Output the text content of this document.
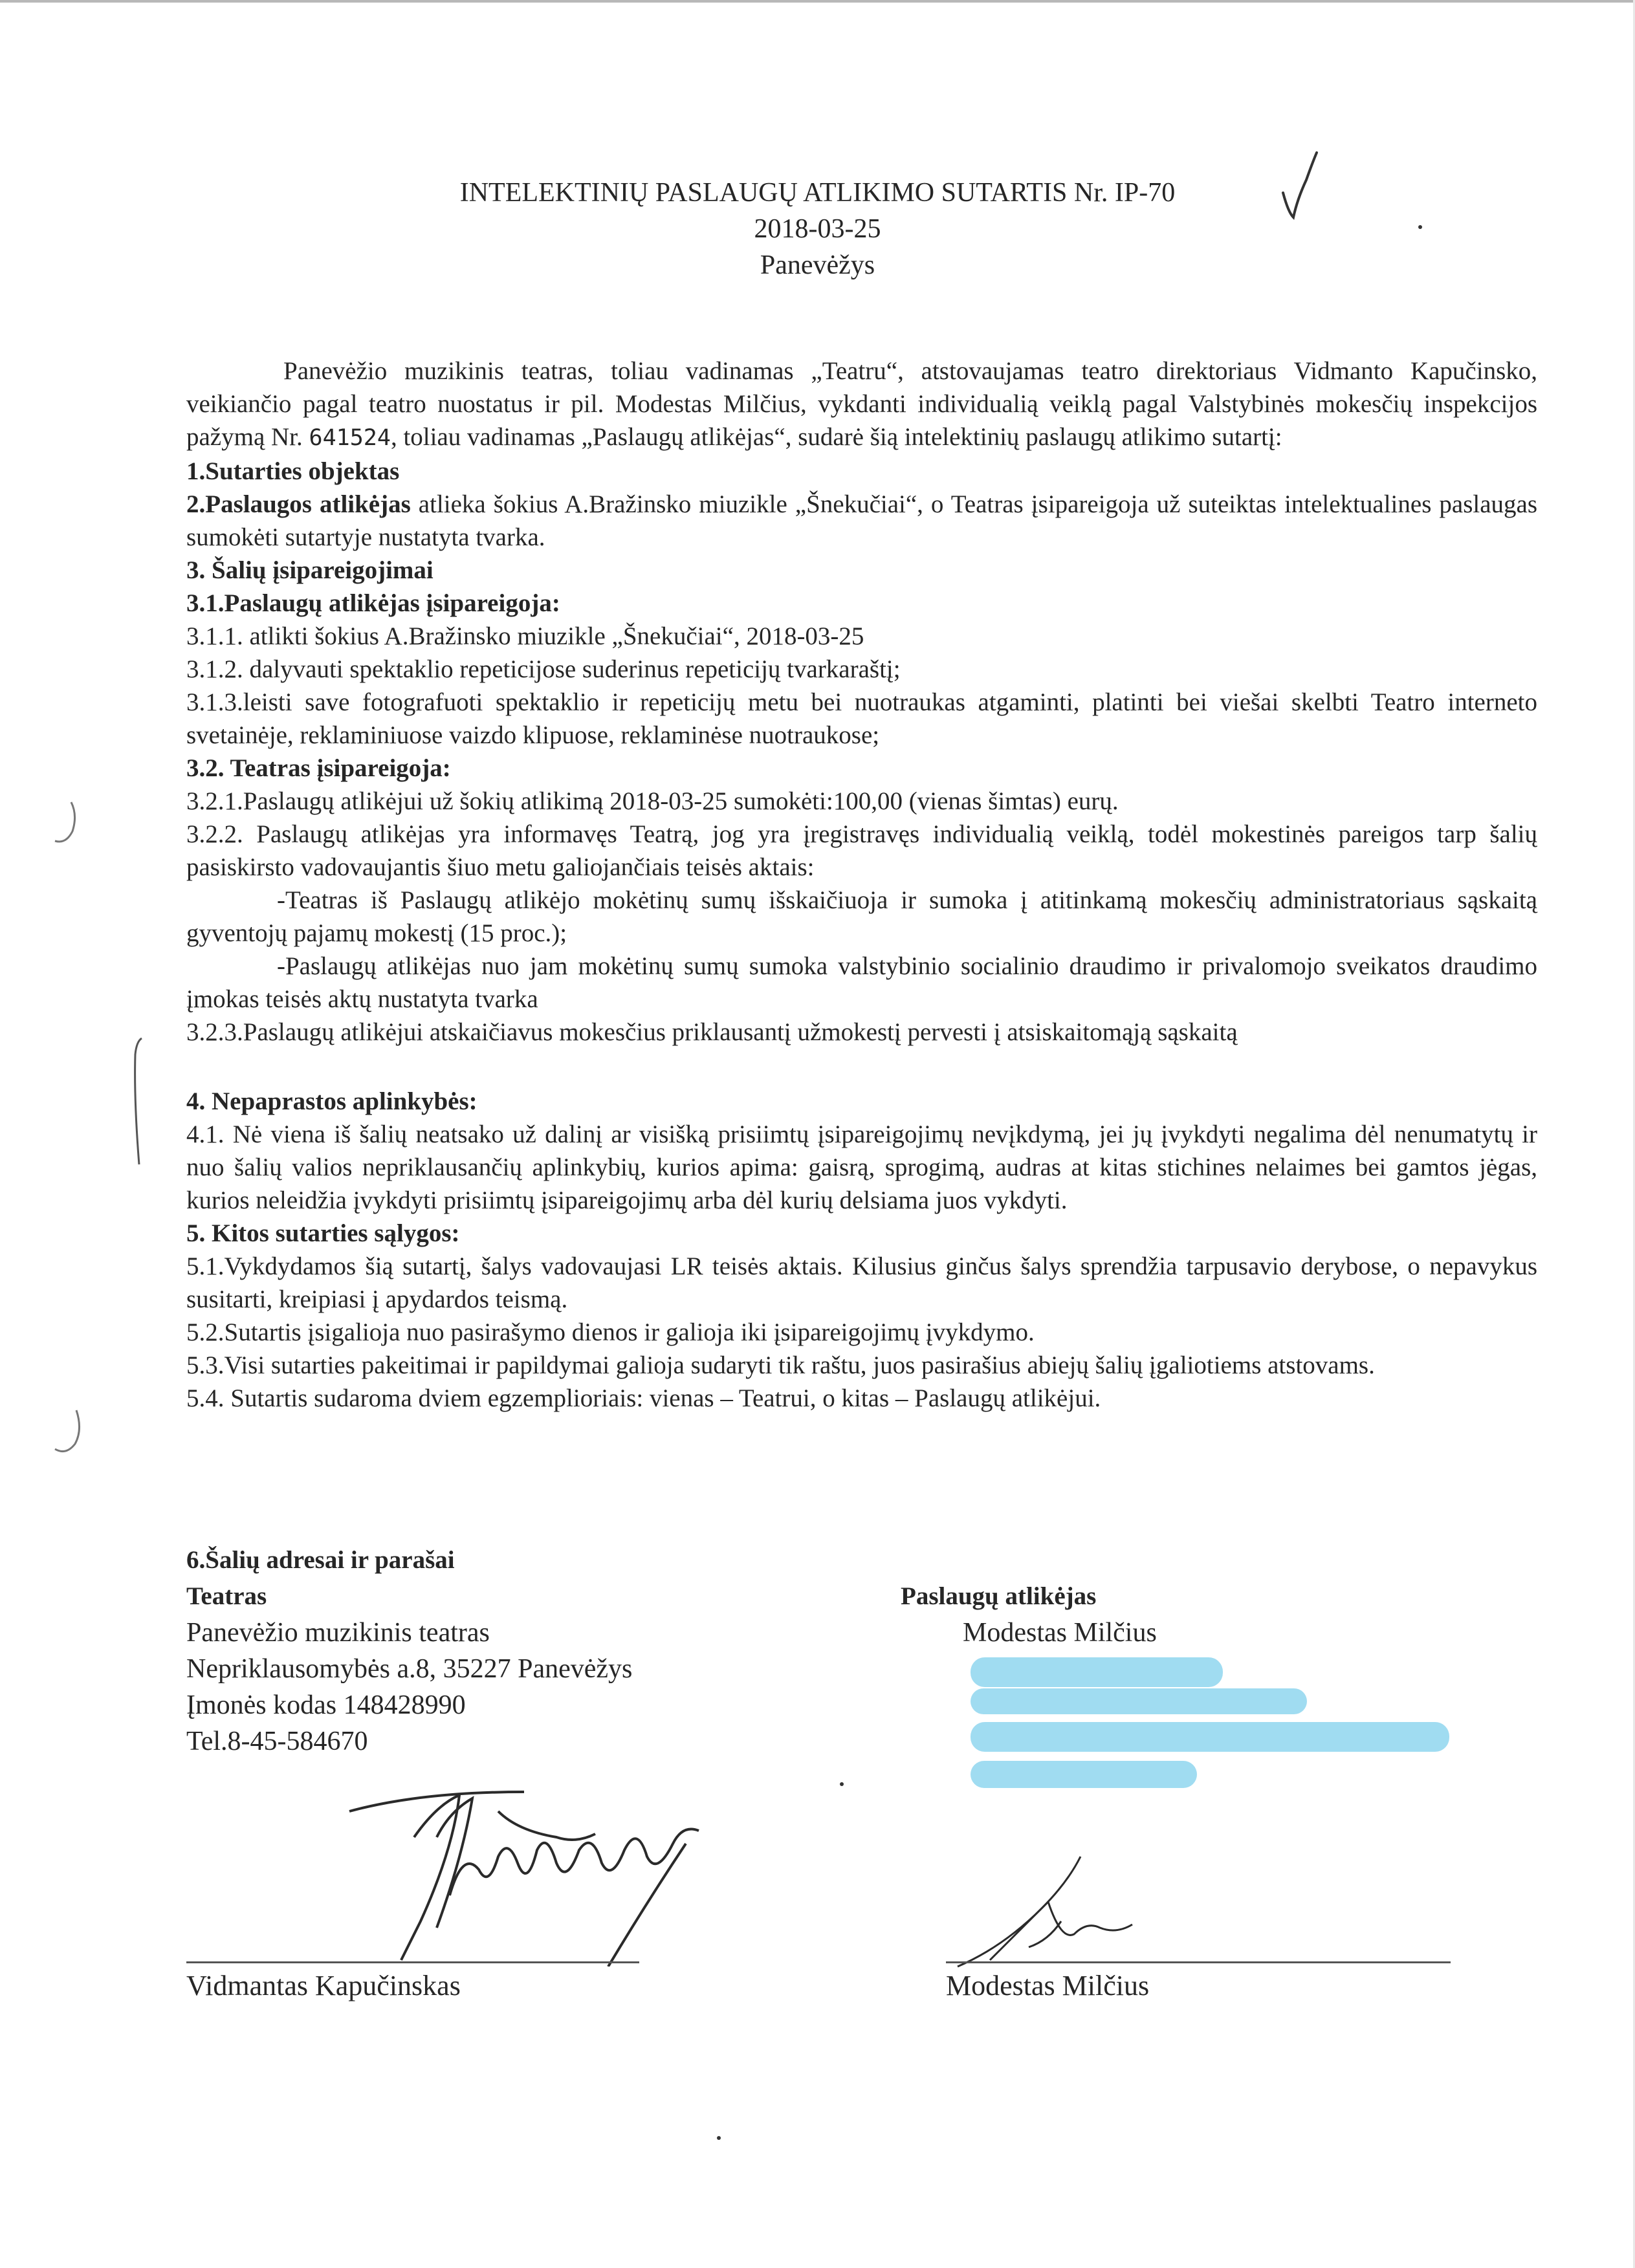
INTELEKTINIŲ PASLAUGŲ ATLIKIMO SUTARTIS Nr. IP-70
2018-03-25
Panevėžys

Panevėžio muzikinis teatras, toliau vadinamas „Teatru“, atstovaujamas teatro direktoriaus Vidmanto Kapučinsko, veikiančio pagal teatro nuostatus ir pil. Modestas Milčius, vykdanti individualią veiklą pagal Valstybinės mokesčių inspekcijos pažymą Nr. 641524, toliau vadinamas „Paslaugų atlikėjas“, sudarė šią intelektinių paslaugų atlikimo sutartį:

1.Sutarties objektas

2.Paslaugos atlikėjas atlieka šokius A.Bražinsko miuzikle „Šnekučiai“, o Teatras įsipareigoja už suteiktas intelektualines paslaugas sumokėti sutartyje nustatyta tvarka.

3. Šalių įsipareigojimai

3.1.Paslaugų atlikėjas įsipareigoja:

3.1.1. atlikti šokius A.Bražinsko miuzikle „Šnekučiai“, 2018-03-25

3.1.2. dalyvauti spektaklio repeticijose suderinus repeticijų tvarkaraštį;

3.1.3.leisti save fotografuoti spektaklio ir repeticijų metu bei nuotraukas atgaminti, platinti bei viešai skelbti Teatro interneto svetainėje, reklaminiuose vaizdo klipuose, reklaminėse nuotraukose;

3.2. Teatras įsipareigoja:

3.2.1.Paslaugų atlikėjui už šokių atlikimą 2018-03-25 sumokėti:100,00 (vienas šimtas) eurų.

3.2.2. Paslaugų atlikėjas yra informavęs Teatrą, jog yra įregistravęs individualią veiklą, todėl mokestinės pareigos tarp šalių pasiskirsto vadovaujantis šiuo metu galiojančiais teisės aktais:

-Teatras iš Paslaugų atlikėjo mokėtinų sumų išskaičiuoja ir sumoka į atitinkamą mokesčių administratoriaus sąskaitą gyventojų pajamų mokestį (15 proc.);

-Paslaugų atlikėjas nuo jam mokėtinų sumų sumoka valstybinio socialinio draudimo ir privalomojo sveikatos draudimo įmokas teisės aktų nustatyta tvarka

3.2.3.Paslaugų atlikėjui atskaičiavus mokesčius priklausantį užmokestį pervesti į atsiskaitomąją sąskaitą

4. Nepaprastos aplinkybės:

4.1. Nė viena iš šalių neatsako už dalinį ar visišką prisiimtų įsipareigojimų nevįkdymą, jei jų įvykdyti negalima dėl nenumatytų ir nuo šalių valios nepriklausančių aplinkybių, kurios apima: gaisrą, sprogimą, audras at kitas stichines nelaimes bei gamtos jėgas, kurios neleidžia įvykdyti prisiimtų įsipareigojimų arba dėl kurių delsiama juos vykdyti.

5. Kitos sutarties sąlygos:

5.1.Vykdydamos šią sutartį, šalys vadovaujasi LR teisės aktais. Kilusius ginčus šalys sprendžia tarpusavio derybose, o nepavykus susitarti, kreipiasi į apydardos teismą.

5.2.Sutartis įsigalioja nuo pasirašymo dienos ir galioja iki įsipareigojimų įvykdymo.

5.3.Visi sutarties pakeitimai ir papildymai galioja sudaryti tik raštu, juos pasirašius abiejų šalių įgaliotiems atstovams.

5.4. Sutartis sudaroma dviem egzemplioriais: vienas – Teatrui, o kitas – Paslaugų atlikėjui.

6.Šalių adresai ir parašai
Teatras
Panevėžio muzikinis teatras
Nepriklausomybės a.8, 35227 Panevėžys
Įmonės kodas 148428990
Tel.8-45-584670
Paslaugų atlikėjas
Modestas Milčius
Vidmantas Kapučinskas	Modestas Milčius
